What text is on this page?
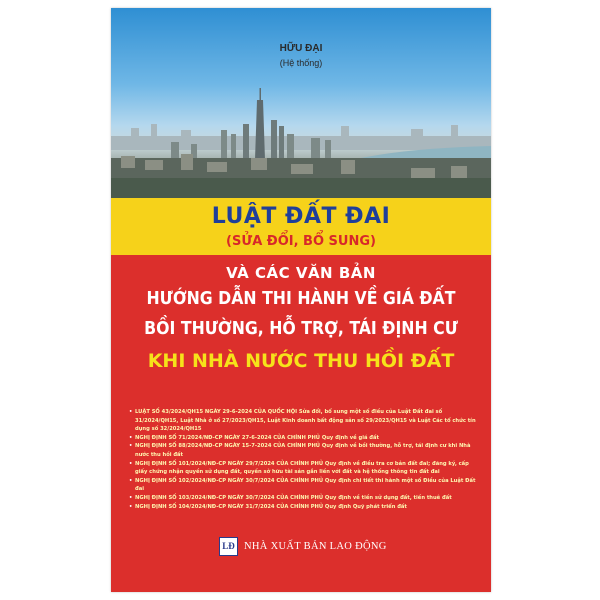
HỮU ĐẠI
(Hệ thống)
LUẬT ĐẤT ĐAI
(SỬA ĐỔI, BỔ SUNG)
VÀ CÁC VĂN BẢN
HƯỚNG DẪN THI HÀNH VỀ GIÁ ĐẤT
BỒI THƯỜNG, HỖ TRỢ, TÁI ĐỊNH CƯ
KHI NHÀ NƯỚC THU HỒI ĐẤT
• LUẬT SỐ 43/2024/QH15 NGÀY 29-6-2024 CỦA QUỐC HỘI Sửa đổi, bổ sung một số điều của Luật Đất đai số 31/2024/QH15, Luật Nhà ở số 27/2023/QH15, Luật Kinh doanh bất động sản số 29/2023/QH15 và Luật Các tổ chức tín dụng số 32/2024/QH15
• NGHỊ ĐỊNH SỐ 71/2024/NĐ-CP NGÀY 27-6-2024 CỦA CHÍNH PHỦ Quy định về giá đất
• NGHỊ ĐỊNH SỐ 88/2024/NĐ-CP NGÀY 15-7-2024 CỦA CHÍNH PHỦ Quy định về bồi thường, hỗ trợ, tái định cư khi Nhà nước thu hồi đất
• NGHỊ ĐỊNH SỐ 101/2024/NĐ-CP NGÀY 29/7/2024 CỦA CHÍNH PHỦ Quy định về điều tra cơ bản đất đai; đăng ký, cấp giấy chứng nhận quyền sử dụng đất, quyền sở hữu tài sản gắn liền với đất và hệ thống thông tin đất đai
• NGHỊ ĐỊNH SỐ 102/2024/NĐ-CP NGÀY 30/7/2024 CỦA CHÍNH PHỦ Quy định chi tiết thi hành một số Điều của Luật Đất đai
• NGHỊ ĐỊNH SỐ 103/2024/NĐ-CP NGÀY 30/7/2024 CỦA CHÍNH PHỦ Quy định về tiền sử dụng đất, tiền thuê đất
• NGHỊ ĐỊNH SỐ 104/2024/NĐ-CP NGÀY 31/7/2024 CỦA CHÍNH PHỦ Quy định Quỹ phát triển đất
LĐ NHÀ XUẤT BẢN LAO ĐỘNG
